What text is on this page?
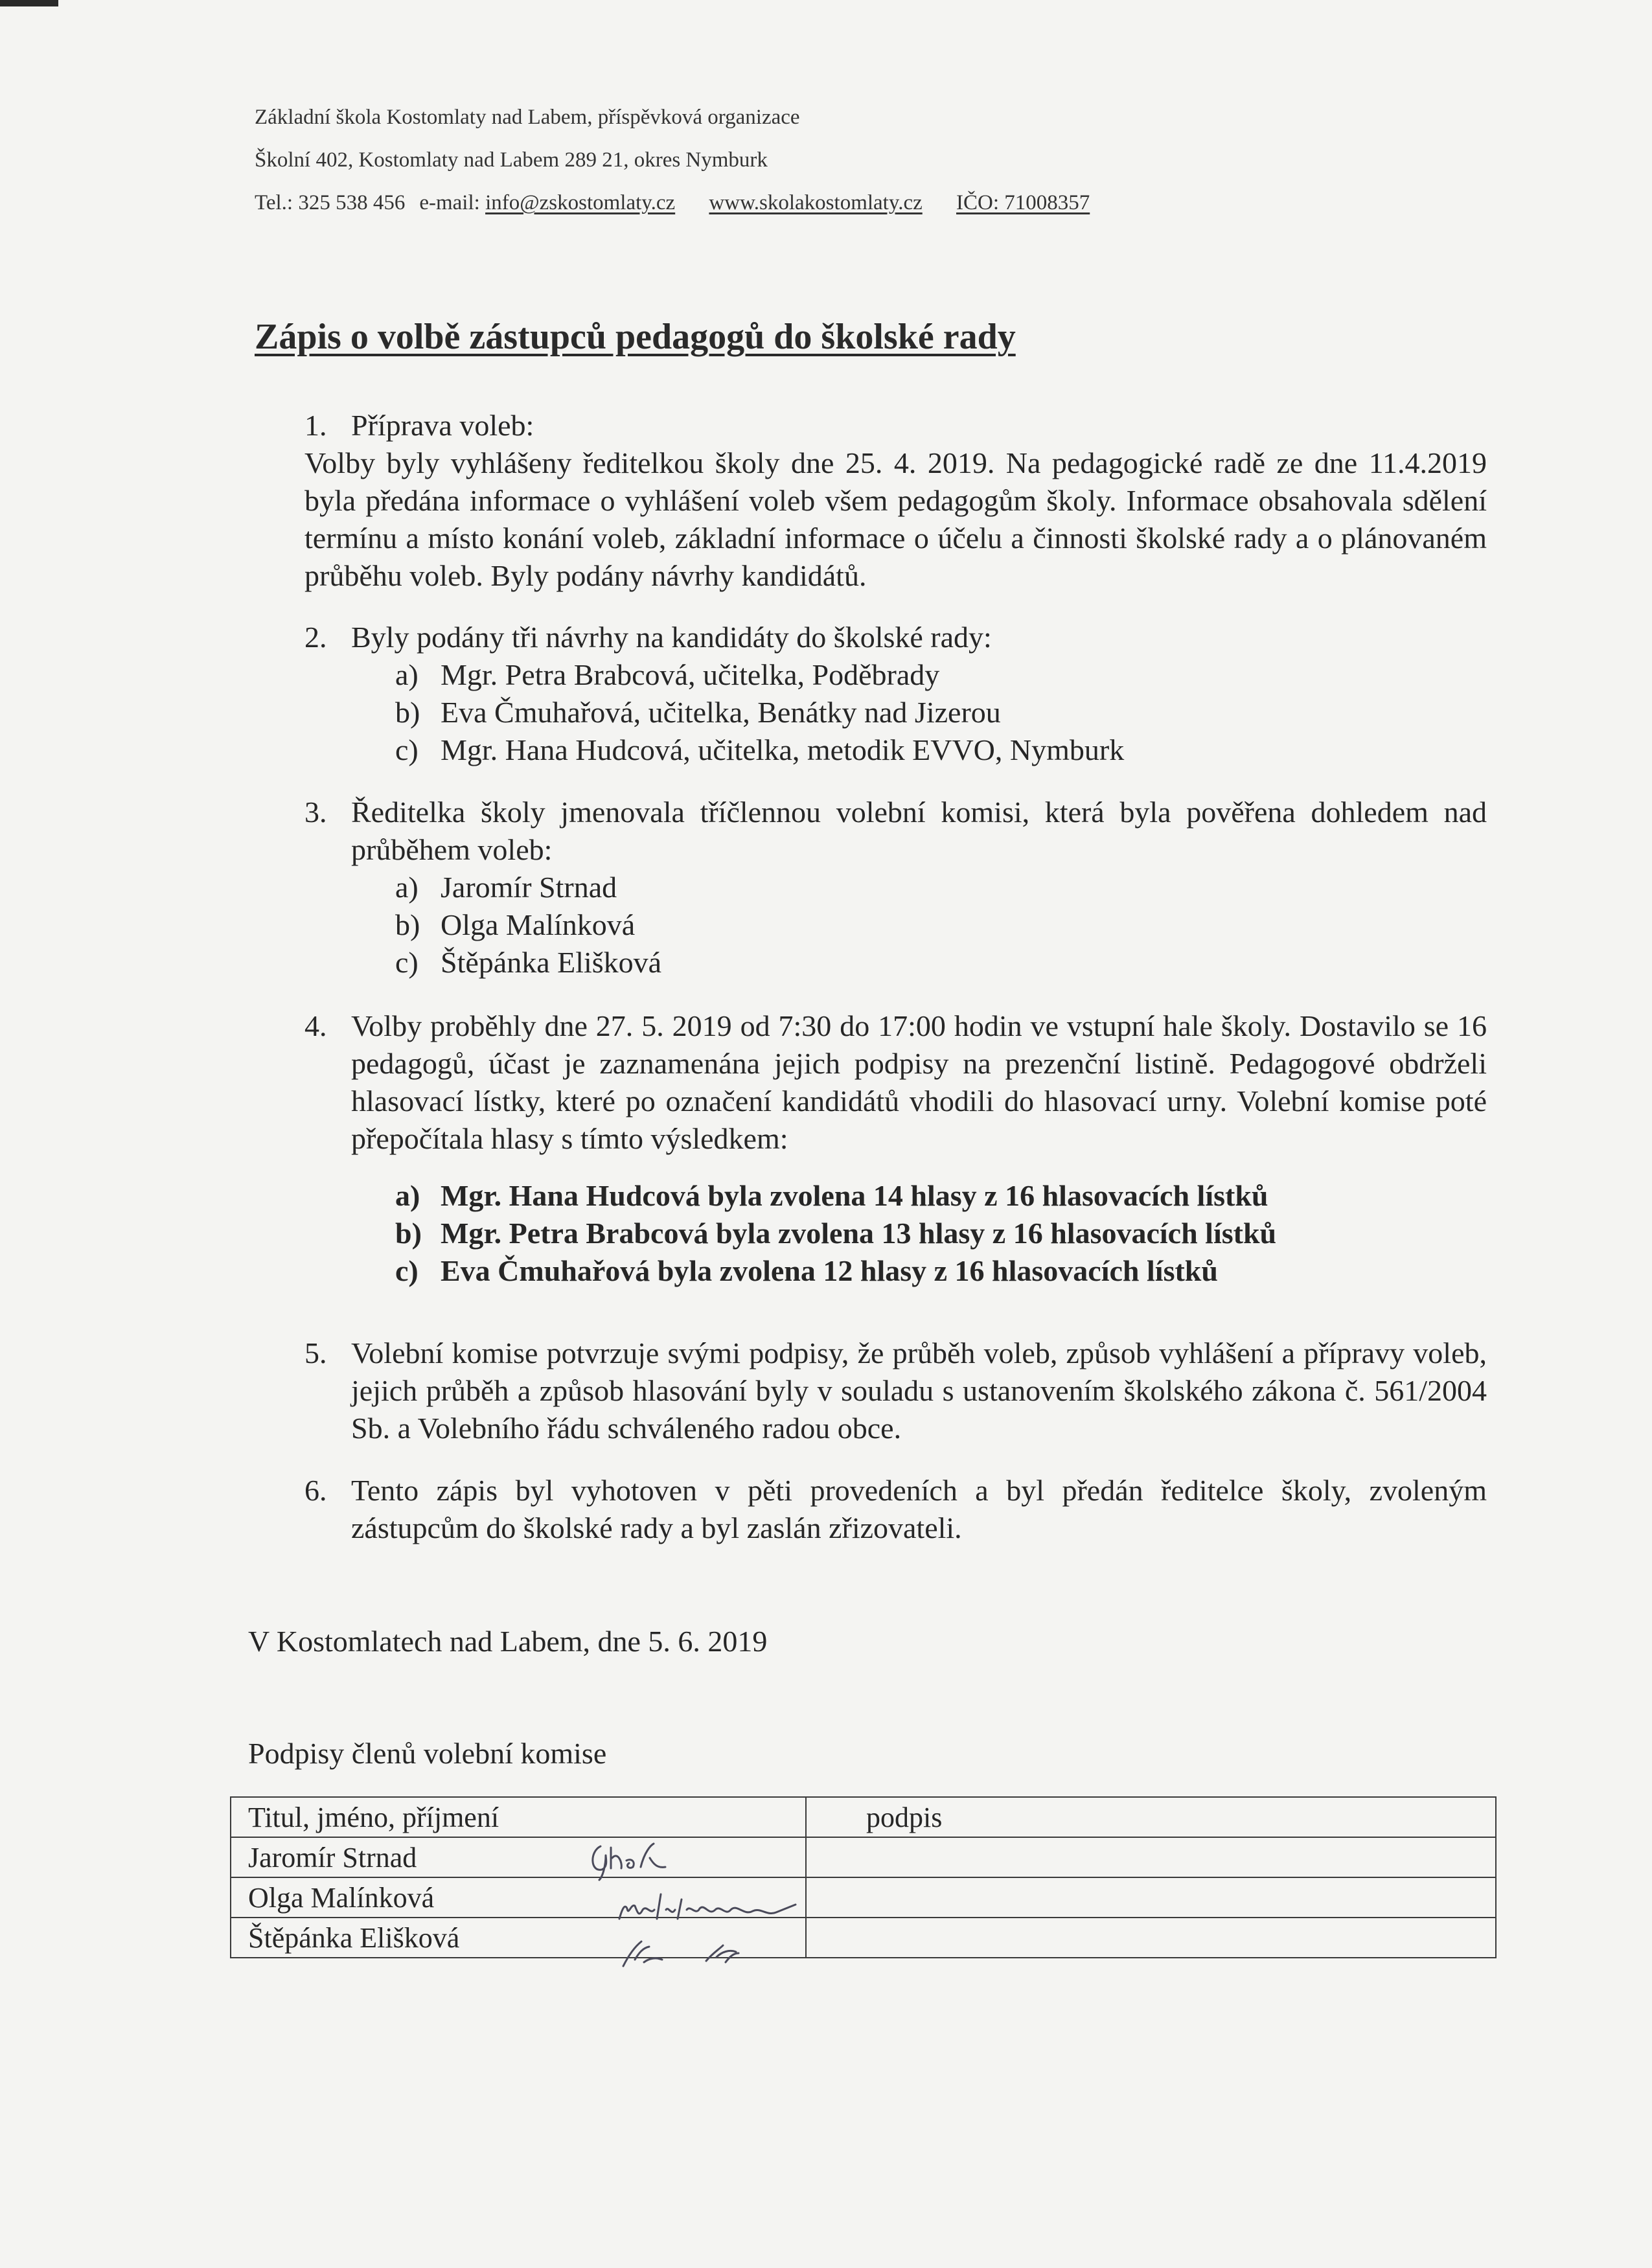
Základní škola Kostomlaty nad Labem, příspěvková organizace
Školní 402, Kostomlaty nad Labem 289 21, okres Nymburk
Tel.: 325 538 456 e-mail: info@zskostomlaty.cz www.skolakostomlaty.cz IČO: 71008357
Zápis o volbě zástupců pedagogů do školské rady
1. Příprava voleb:
Volby byly vyhlášeny ředitelkou školy dne 25. 4. 2019. Na pedagogické radě ze dne 11.4.2019 byla předána informace o vyhlášení voleb všem pedagogům školy. Informace obsahovala sdělení termínu a místo konání voleb, základní informace o účelu a činnosti školské rady a o plánovaném průběhu voleb. Byly podány návrhy kandidátů.
2. Byly podány tři návrhy na kandidáty do školské rady:
a) Mgr. Petra Brabcová, učitelka, Poděbrady
b) Eva Čmuhařová, učitelka, Benátky nad Jizerou
c) Mgr. Hana Hudcová, učitelka, metodik EVVO, Nymburk
3. Ředitelka školy jmenovala tříčlennou volební komisi, která byla pověřena dohledem nad průběhem voleb:
a) Jaromír Strnad
b) Olga Malínková
c) Štěpánka Elišková
4. Volby proběhly dne 27. 5. 2019 od 7:30 do 17:00 hodin ve vstupní hale školy. Dostavilo se 16 pedagogů, účast je zaznamenána jejich podpisy na prezenční listině. Pedagogové obdrželi hlasovací lístky, které po označení kandidátů vhodili do hlasovací urny. Volební komise poté přepočítala hlasy s tímto výsledkem:
a) Mgr. Hana Hudcová byla zvolena 14 hlasy z 16 hlasovacích lístků
b) Mgr. Petra Brabcová byla zvolena 13 hlasy z 16 hlasovacích lístků
c) Eva Čmuhařová byla zvolena 12 hlasy z 16 hlasovacích lístků
5. Volební komise potvrzuje svými podpisy, že průběh voleb, způsob vyhlášení a přípravy voleb, jejich průběh a způsob hlasování byly v souladu s ustanovením školského zákona č. 561/2004 Sb. a Volebního řádu schváleného radou obce.
6. Tento zápis byl vyhotoven v pěti provedeních a byl předán ředitelce školy, zvoleným zástupcům do školské rady a byl zaslán zřizovateli.
V Kostomlatech nad Labem, dne 5. 6. 2019
Podpisy členů volební komise
Titul, jméno, příjmení	podpis
Jaromír Strnad	
Olga Malínková	
Štěpánka Elišková	
